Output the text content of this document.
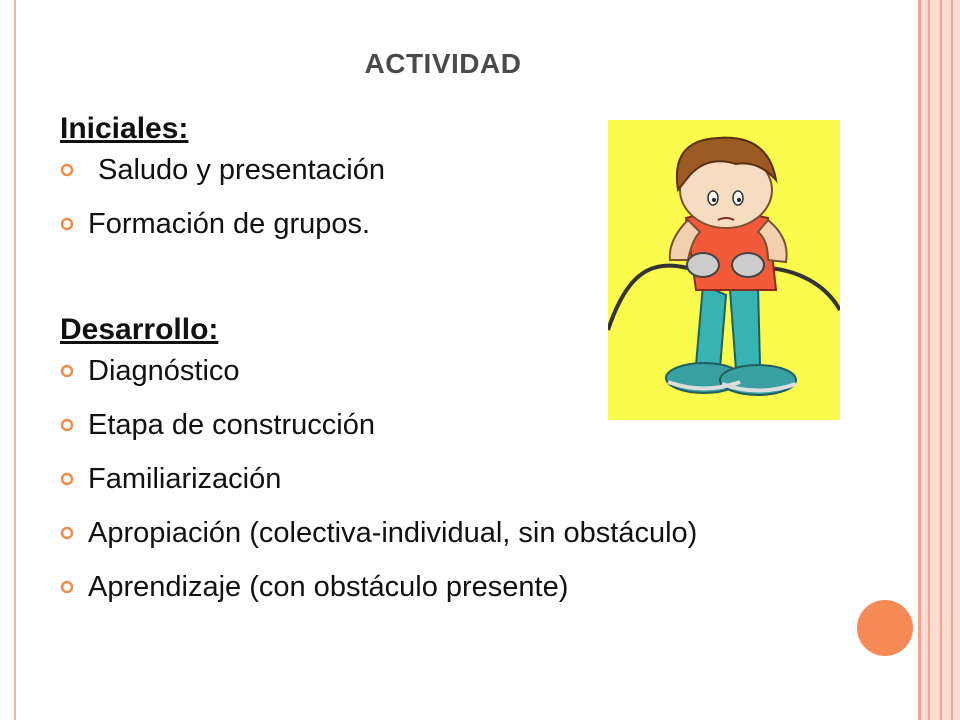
ACTIVIDAD
Iniciales:
Saludo y presentación
Formación de grupos.
Desarrollo:
Diagnóstico
Etapa de construcción
Familiarización
Apropiación (colectiva-individual, sin obstáculo)
Aprendizaje (con obstáculo presente)
